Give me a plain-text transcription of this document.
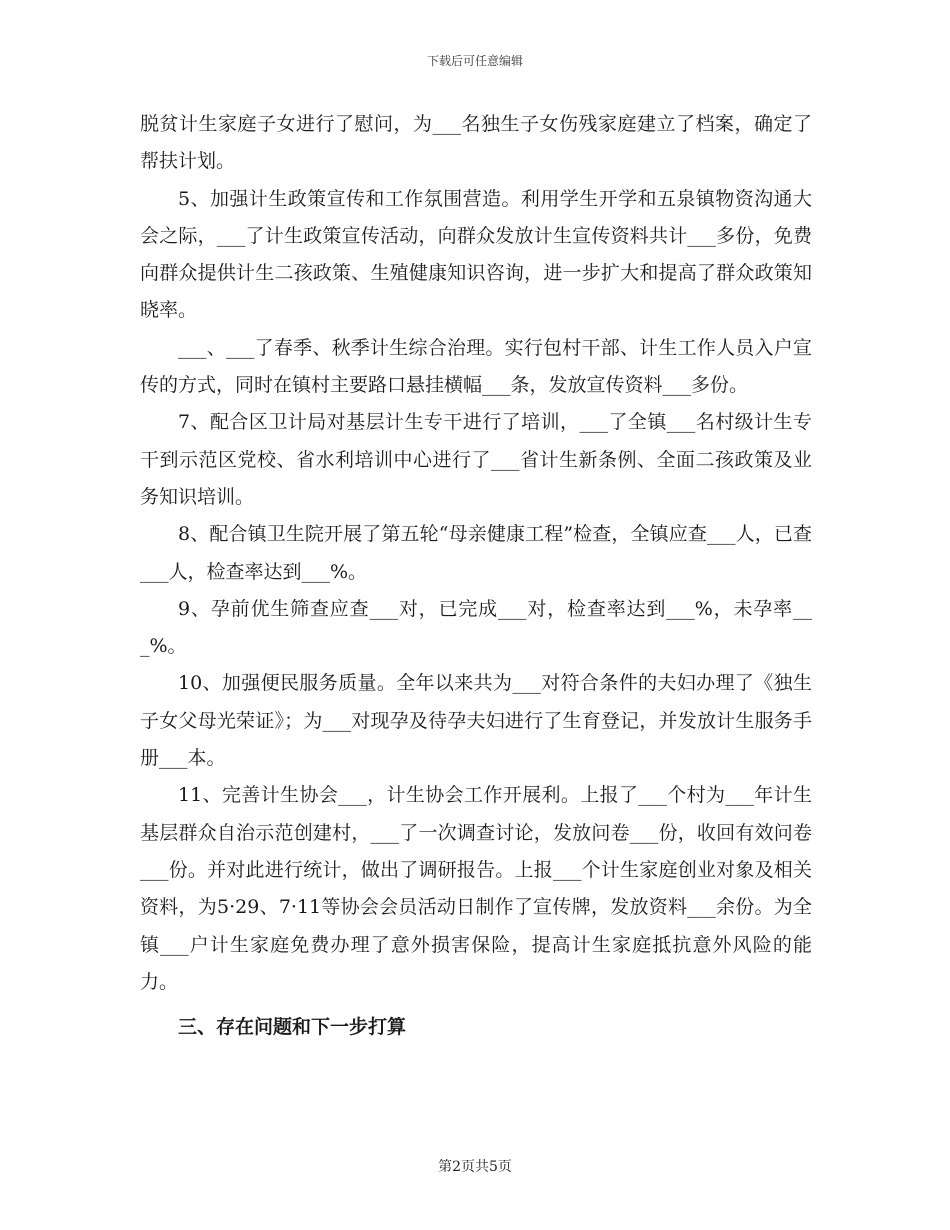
下载后可任意编辑

脱贫计生家庭子女进行了慰问，为___名独生子女伤残家庭建立了档案，确定了帮扶计划。

5、加强计生政策宣传和工作氛围营造。利用学生开学和五泉镇物资沟通大会之际，___了计生政策宣传活动，向群众发放计生宣传资料共计___多份，免费向群众提供计生二孩政策、生殖健康知识咨询，进一步扩大和提高了群众政策知晓率。

___、___了春季、秋季计生综合治理。实行包村干部、计生工作人员入户宣传的方式，同时在镇村主要路口悬挂横幅___条，发放宣传资料___多份。

7、配合区卫计局对基层计生专干进行了培训，___了全镇___名村级计生专干到示范区党校、省水利培训中心进行了___省计生新条例、全面二孩政策及业务知识培训。

8、配合镇卫生院开展了第五轮“母亲健康工程”检查，全镇应查___人，已查___人，检查率达到___%。

9、孕前优生筛查应查___对，已完成___对，检查率达到___%，未孕率___%。

10、加强便民服务质量。全年以来共为___对符合条件的夫妇办理了《独生子女父母光荣证》；为___对现孕及待孕夫妇进行了生育登记，并发放计生服务手册___本。

11、完善计生协会___，计生协会工作开展利。上报了___个村为___年计生基层群众自治示范创建村，___了一次调查讨论，发放问卷___份，收回有效问卷___份。并对此进行统计，做出了调研报告。上报___个计生家庭创业对象及相关资料，为5·29、7·11等协会会员活动日制作了宣传牌，发放资料___余份。为全镇___户计生家庭免费办理了意外损害保险，提高计生家庭抵抗意外风险的能力。

三、存在问题和下一步打算
第2页共5页
